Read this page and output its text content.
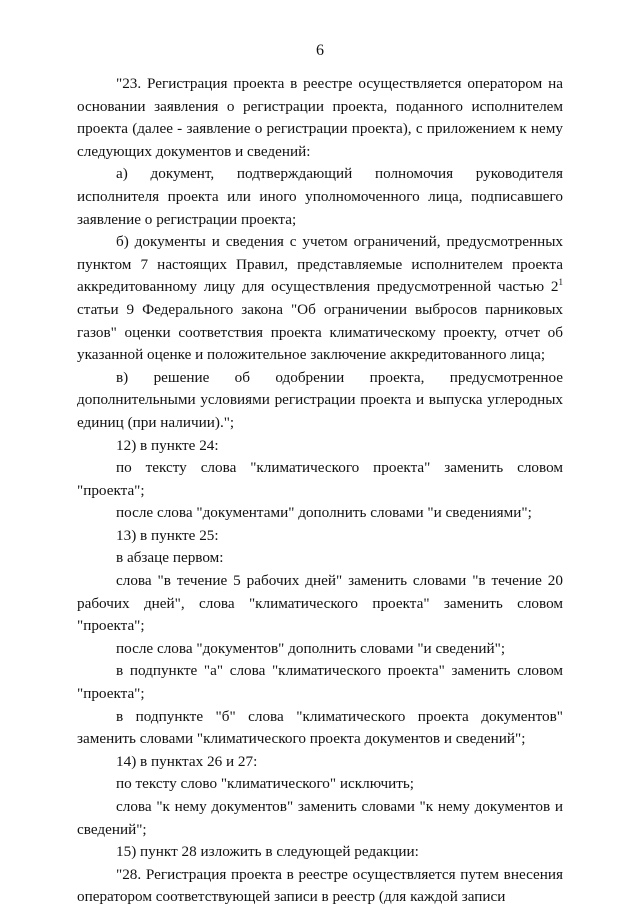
6

"23. Регистрация проекта в реестре осуществляется оператором на основании заявления о регистрации проекта, поданного исполнителем проекта (далее - заявление о регистрации проекта), с приложением к нему следующих документов и сведений:

а) документ, подтверждающий полномочия руководителя исполнителя проекта или иного уполномоченного лица, подписавшего заявление о регистрации проекта;

б) документы и сведения с учетом ограничений, предусмотренных пунктом 7 настоящих Правил, представляемые исполнителем проекта аккредитованному лицу для осуществления предусмотренной частью $2^1$ статьи 9 Федерального закона "Об ограничении выбросов парниковых газов" оценки соответствия проекта климатическому проекту, отчет об указанной оценке и положительное заключение аккредитованного лица;

в) решение об одобрении проекта, предусмотренное дополнительными условиями регистрации проекта и выпуска углеродных единиц (при наличии).";

12) в пункте 24:

по тексту слова "климатического проекта" заменить словом "проекта";

после слова "документами" дополнить словами "и сведениями";

13) в пункте 25:

в абзаце первом:

слова "в течение 5 рабочих дней" заменить словами "в течение 20 рабочих дней", слова "климатического проекта" заменить словом "проекта";

после слова "документов" дополнить словами "и сведений";

в подпункте "а" слова "климатического проекта" заменить словом "проекта";

в подпункте "б" слова "климатического проекта документов" заменить словами "климатического проекта документов и сведений";

14) в пунктах 26 и 27:

по тексту слово "климатического" исключить;

слова "к нему документов" заменить словами "к нему документов и сведений";

15) пункт 28 изложить в следующей редакции:

"28. Регистрация проекта в реестре осуществляется путем внесения оператором соответствующей записи в реестр (для каждой записи
